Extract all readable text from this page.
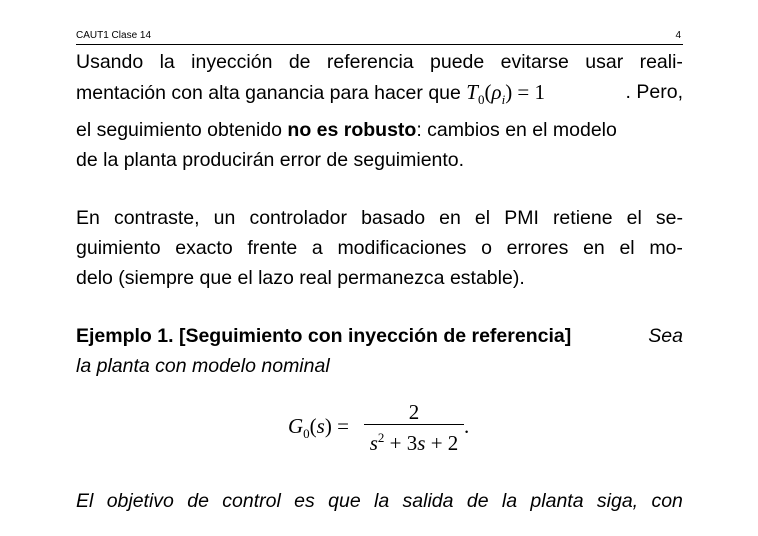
CAUT1 Clase 14	4
Usando la inyección de referencia puede evitarse usar reali-
mentación con alta ganancia para hacer que $T_0(\rho_i) = 1$	. Pero,
el seguimiento obtenido no es robusto: cambios en el modelo
de la planta producirán error de seguimiento.
En contraste, un controlador basado en el PMI retiene el se-
guimiento exacto frente a modificaciones o errores en el mo-
delo (siempre que el lazo real permanezca estable).
Ejemplo 1. [Seguimiento con inyección de referencia]	Sea
la planta con modelo nominal
$G_0(s)$ =
2
$s^2 + 3s + 2$
.
El objetivo de control es que la salida de la planta siga, con
